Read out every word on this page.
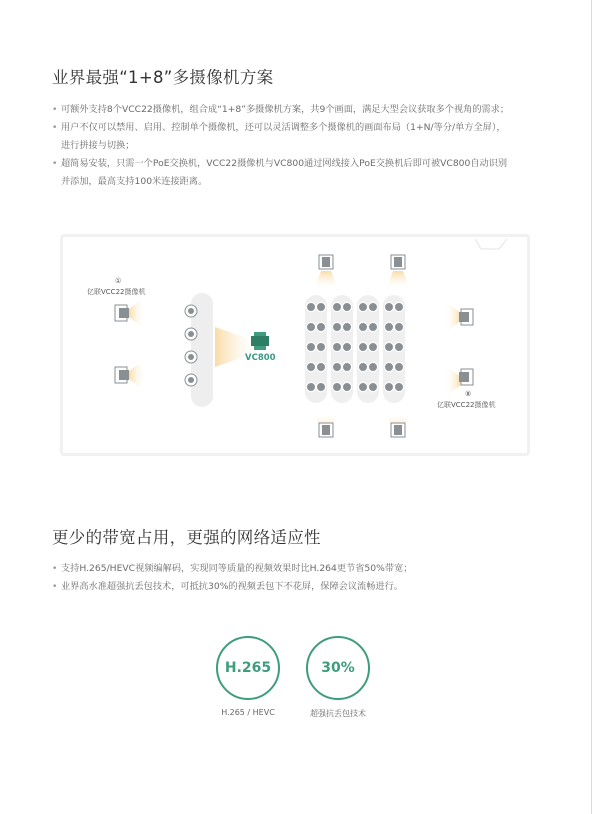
业界最强“1+8”多摄像机方案
• 可额外支持8个VCC22摄像机，组合成“1+8”多摄像机方案，共9个画面，满足大型会议获取多个视角的需求；
• 用户不仅可以禁用、启用、控制单个摄像机，还可以灵活调整多个摄像机的画面布局（1+N/等分/单方全屏），
进行拼接与切换；
• 超简易安装，只需一个PoE交换机，VCC22摄像机与VC800通过网线接入PoE交换机后即可被VC800自动识别
并添加，最高支持100米连接距离。
①
亿联VCC22摄像机
VC800
⑧
亿联VCC22摄像机
更少的带宽占用，更强的网络适应性
• 支持H.265/HEVC视频编解码，实现同等质量的视频效果时比H.264更节省50%带宽；
• 业界高水准超强抗丢包技术，可抵抗30%的视频丢包下不花屏，保障会议流畅进行。
H.265
H.265 / HEVC
30%
超强抗丢包技术
